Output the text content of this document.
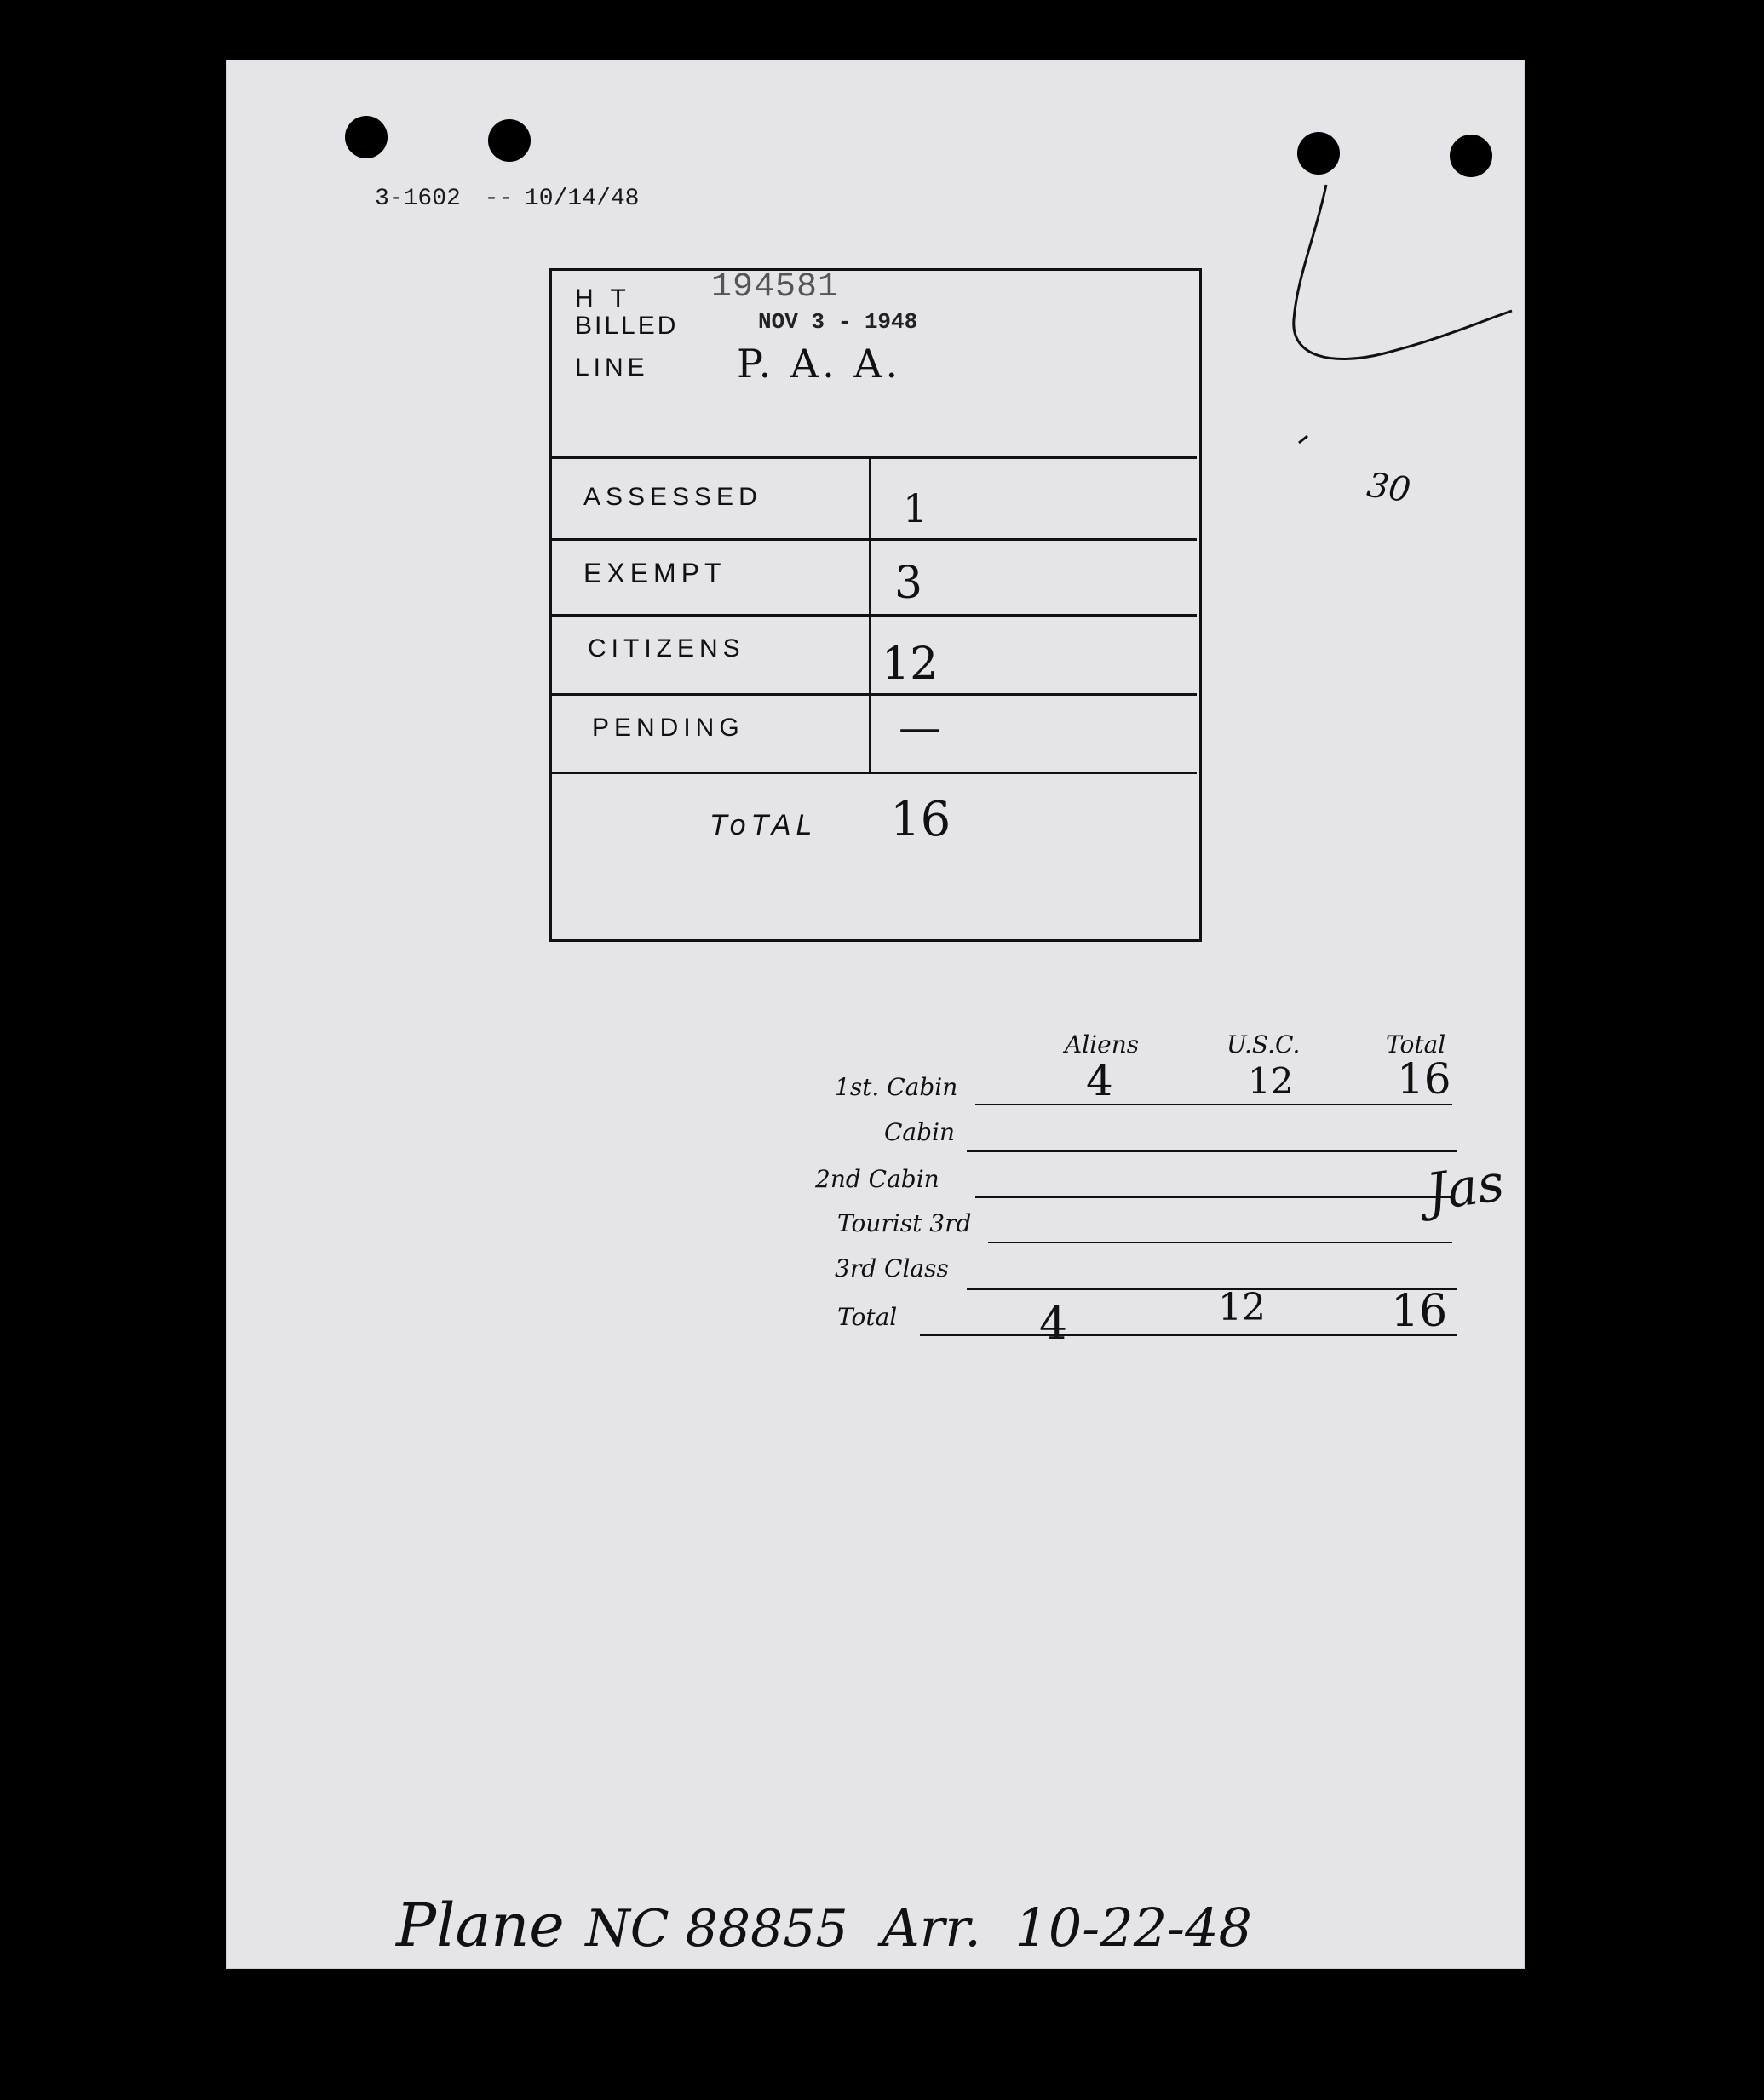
3-1602 -- 10/14/48
30
H T 194581
BILLED	NOV 3 - 1948
LINE P. A. A.
ASSESSED	1
EXEMPT	3
CITIZENS	12
PENDING	—
ToTAL 16
Aliens	U.S.C.	Total
1st. Cabin	4	12 16
Cabin
2nd Cabin
Tourist 3rd
3rd Class
Total	4	12	16
Jas
Plane NC 88855 Arr. 10-22-48
